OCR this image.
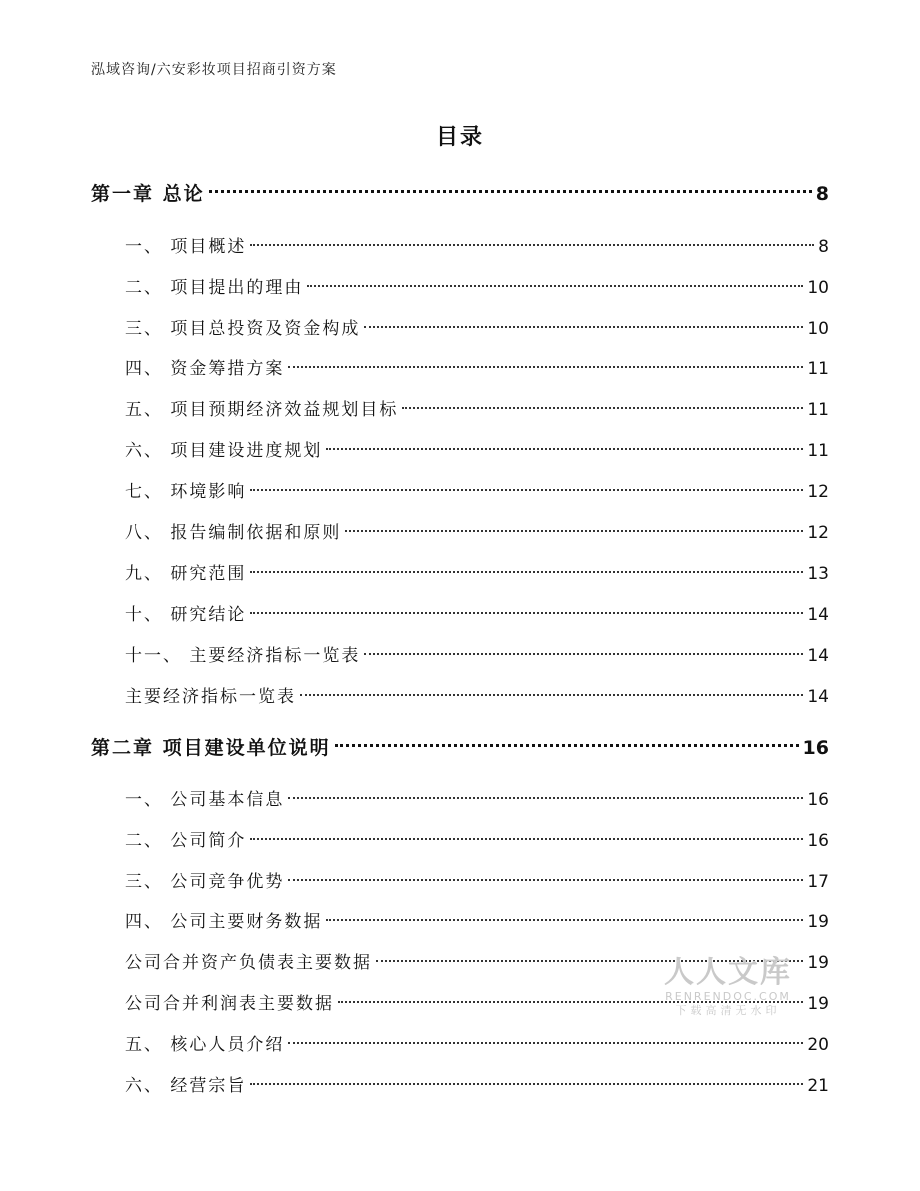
泓域咨询/六安彩妆项目招商引资方案
目录
第一章 总论	8
一、 项目概述	8
二、 项目提出的理由	10
三、 项目总投资及资金构成	10
四、 资金筹措方案	11
五、 项目预期经济效益规划目标	11
六、 项目建设进度规划	11
七、 环境影响	12
八、 报告编制依据和原则	12
九、 研究范围	13
十、 研究结论	14
十一、 主要经济指标一览表	14
主要经济指标一览表	14
第二章 项目建设单位说明	16
一、 公司基本信息	16
二、 公司简介	16
三、 公司竞争优势	17
四、 公司主要财务数据	19
公司合并资产负债表主要数据	19
公司合并利润表主要数据	19
五、 核心人员介绍	20
六、 经营宗旨	21
人人文库
RENRENDOC.COM
下载高清无水印
